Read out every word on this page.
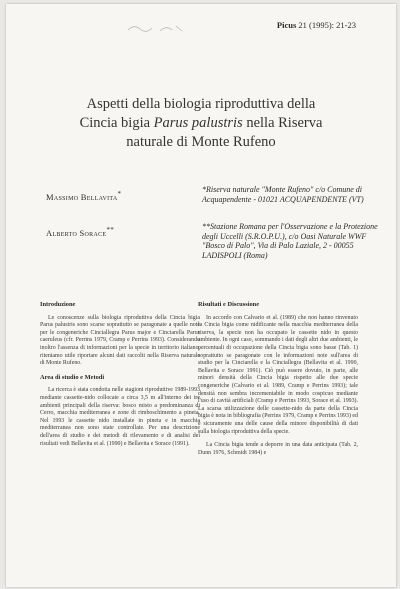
Picus 21 (1995): 21-23
Aspetti della biologia riproduttiva della
Cincia bigia Parus palustris nella Riserva
naturale di Monte Rufeno
Massimo Bellavita*
Alberto Sorace**
*Riserva naturale "Monte Rufeno" c/o Comune di Acquapendente - 01021 ACQUAPENDENTE (VT)
**Stazione Romana per l'Osservazione e la Protezione degli Uccelli (S.R.O.P.U.), c/o Oasi Naturale WWF "Bosco di Palo", Via di Palo Laziale, 2 - 00055 LADISPOLI (Roma)
Introduzione

Le conoscenze sulla biologia riproduttiva della Cincia bigia Parus palustris sono scarse soprattutto se paragonate a quelle note per le congeneriche Cinciallegra Parus major e Cinciarella Parus caeruleus (cfr. Perrins 1979, Cramp e Perrins 1993). Considerando inoltro l'assenza di informazioni per la specie in territorio italiano, riteniamo utile riportare alcuni dati raccolti nella Riserva naturale di Monte Rufeno.

Area di studio e Metodi

La ricerca è stata condotta nelle stagioni riproduttive 1989-1993 mediante cassette-nido collocate a circa 3,5 m all'interno dei tre ambienti principali della riserva: bosco misto a predominanza di Cerro, macchia mediterranea e zone di rimboschimento a pineta. Nel 1993 le cassette nido installate in pineta e in macchia mediterranea non sono state controllate. Per una descrizione dell'area di studio e dei metodi di rilevamento e di analisi dei risultati vedi Bellavita et al. (1990) e Bellavita e Sorace (1991).

Risultati e Discussione

In accordo con Calvario et al. (1989) che non hanno rinvenuto la Cincia bigia come nidificante nella macchia mediterranea della riserva, la specie non ha occupato le cassette nido in questo ambiente. In ogni caso, sommando i dati degli altri due ambienti, le percentuali di occupazione della Cincia bigia sono basse (Tab. 1) soprattutto se paragonate con le informazioni note sull'area di studio per la Cinciarella e la Cinciallegra (Bellavita et al. 1990, Bellavita e Sorace 1991). Ciò può essere dovuto, in parte, alle minori densità della Cincia bigia rispetto alle due specie congeneriche (Calvario et al. 1989, Cramp e Perrins 1993); tale densità non sembra incrementabile in modo cospicuo mediante l'uso di cavità artificiali (Cramp e Perrins 1993, Sorace et al. 1993). La scarsa utilizzazione delle cassette-nido da parte della Cincia bigia è nota in bibliografia (Perrins 1979, Cramp e Perrins 1993) ed è sicuramente una delle cause della minore disponibilità di dati sulla biologia riproduttiva della specie.

La Cincia bigia tende a deporre in una data anticipata (Tab. 2, Dunn 1976, Schmidt 1984) e
